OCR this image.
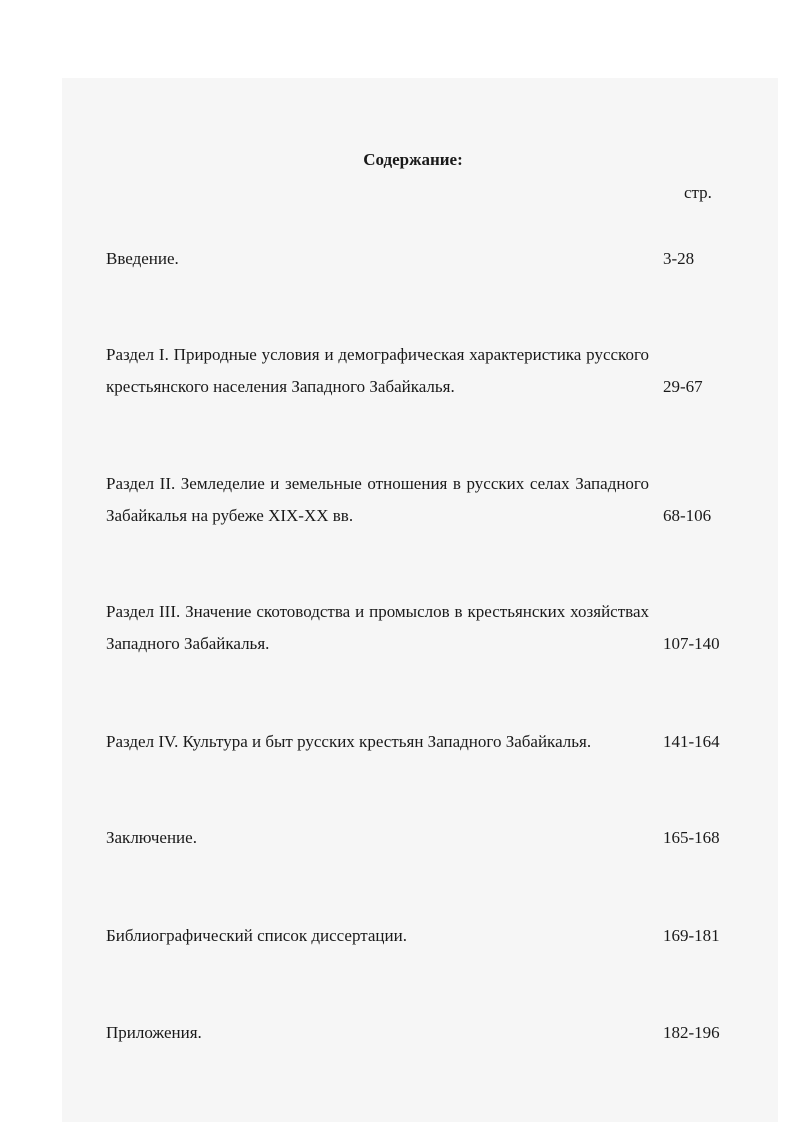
Содержание:
стр.
Введение.	3-28
Раздел I. Природные условия и демографическая характеристика русского крестьянского населения Западного Забайкалья.	29-67
Раздел II. Земледелие и земельные отношения в русских селах Западного Забайкалья на рубеже XIX-XX вв.	68-106
Раздел III. Значение скотоводства и промыслов в крестьянских хозяйствах Западного Забайкалья.	107-140
Раздел IV. Культура и быт русских крестьян Западного Забайкалья.	141-164
Заключение.	165-168
Библиографический список диссертации.	169-181
Приложения.	182-196
